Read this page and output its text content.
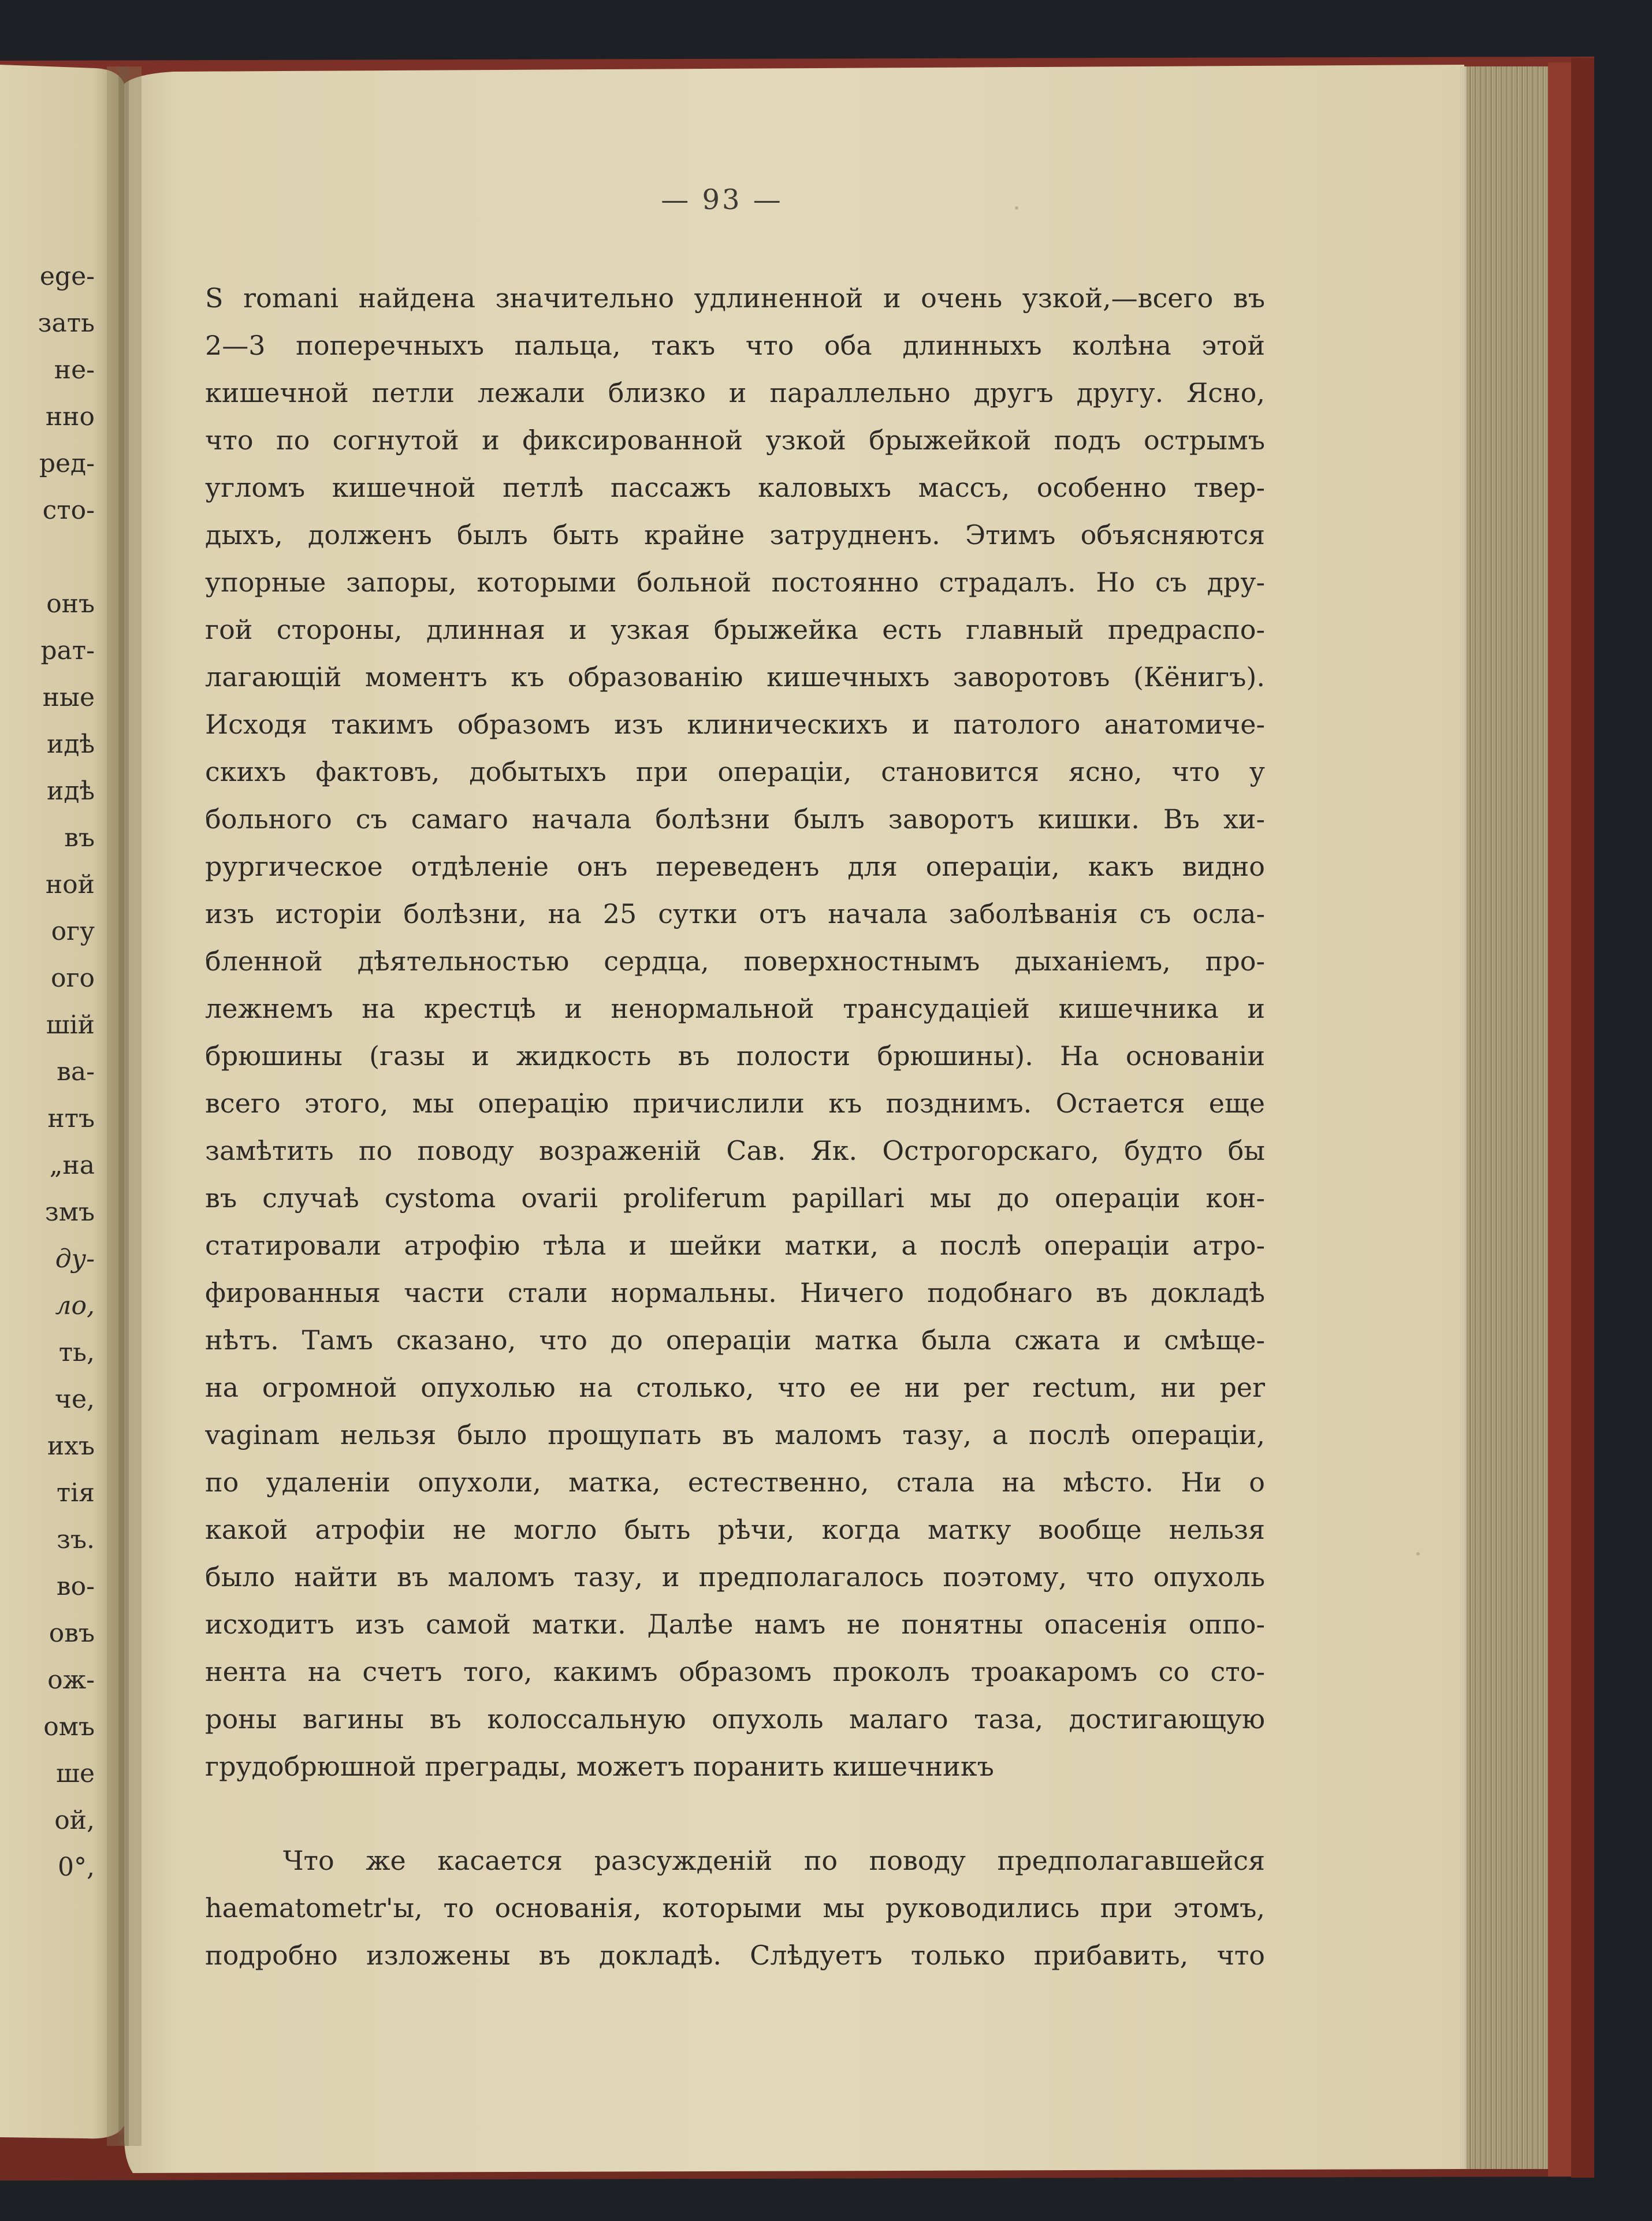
— 93 —
S romani найдена значительно удлиненной и очень узкой,—всего въ
2—3 поперечныхъ пальца, такъ что оба длинныхъ колѣна этой
кишечной петли лежали близко и параллельно другъ другу. Ясно,
что по согнутой и фиксированной узкой брыжейкой подъ острымъ
угломъ кишечной петлѣ пассажъ каловыхъ массъ, особенно твер-
дыхъ, долженъ былъ быть крайне затрудненъ. Этимъ объясняются
упорные запоры, которыми больной постоянно страдалъ. Но съ дру-
гой стороны, длинная и узкая брыжейка есть главный предраспо-
лагающій моментъ къ образованію кишечныхъ заворотовъ (Кёнигъ).
Исходя такимъ образомъ изъ клиническихъ и патолого анатомиче-
скихъ фактовъ, добытыхъ при операціи, становится ясно, что у
больного съ самаго начала болѣзни былъ заворотъ кишки. Въ хи-
рургическое отдѣленіе онъ переведенъ для операціи, какъ видно
изъ исторіи болѣзни, на 25 сутки отъ начала заболѣванія съ осла-
бленной дѣятельностью сердца, поверхностнымъ дыханіемъ, про-
лежнемъ на крестцѣ и ненормальной трансудаціей кишечника и
брюшины (газы и жидкость въ полости брюшины). На основаніи
всего этого, мы операцію причислили къ позднимъ. Остается еще
замѣтить по поводу возраженій Сав. Як. Острогорскаго, будто бы
въ случаѣ cystoma ovarii proliferum papillari мы до операціи кон-
статировали атрофію тѣла и шейки матки, а послѣ операціи атро-
фированныя части стали нормальны. Ничего подобнаго въ докладѣ
нѣтъ. Тамъ сказано, что до операціи матка была сжата и смѣще-
на огромной опухолью на столько, что ее ни per rectum, ни per
vaginam нельзя было прощупать въ маломъ тазу, а послѣ операціи,
по удаленіи опухоли, матка, естественно, стала на мѣсто. Ни о
какой атрофіи не могло быть рѣчи, когда матку вообще нельзя
было найти въ маломъ тазу, и предполагалось поэтому, что опухоль
исходитъ изъ самой матки. Далѣе намъ не понятны опасенія оппо-
нента на счетъ того, какимъ образомъ проколъ троакаромъ со сто-
роны вагины въ колоссальную опухоль малаго таза, достигающую
грудобрюшной преграды, можетъ поранить кишечникъ
Что же касается разсужденій по поводу предполагавшейся
haematometr'ы, то основанія, которыми мы руководились при этомъ,
подробно изложены въ докладѣ. Слѣдуетъ только прибавить, что
ege-
зать
не-
нно
ред-
сто-
онъ
рат-
ные
идѣ
идѣ
въ
ной
огу
ого
шій
ва-
нтъ
„на
змъ
ду-
ло,
ть,
че,
ихъ
тія
зъ.
во-
овъ
ож-
омъ
ше
ой,
0°,
